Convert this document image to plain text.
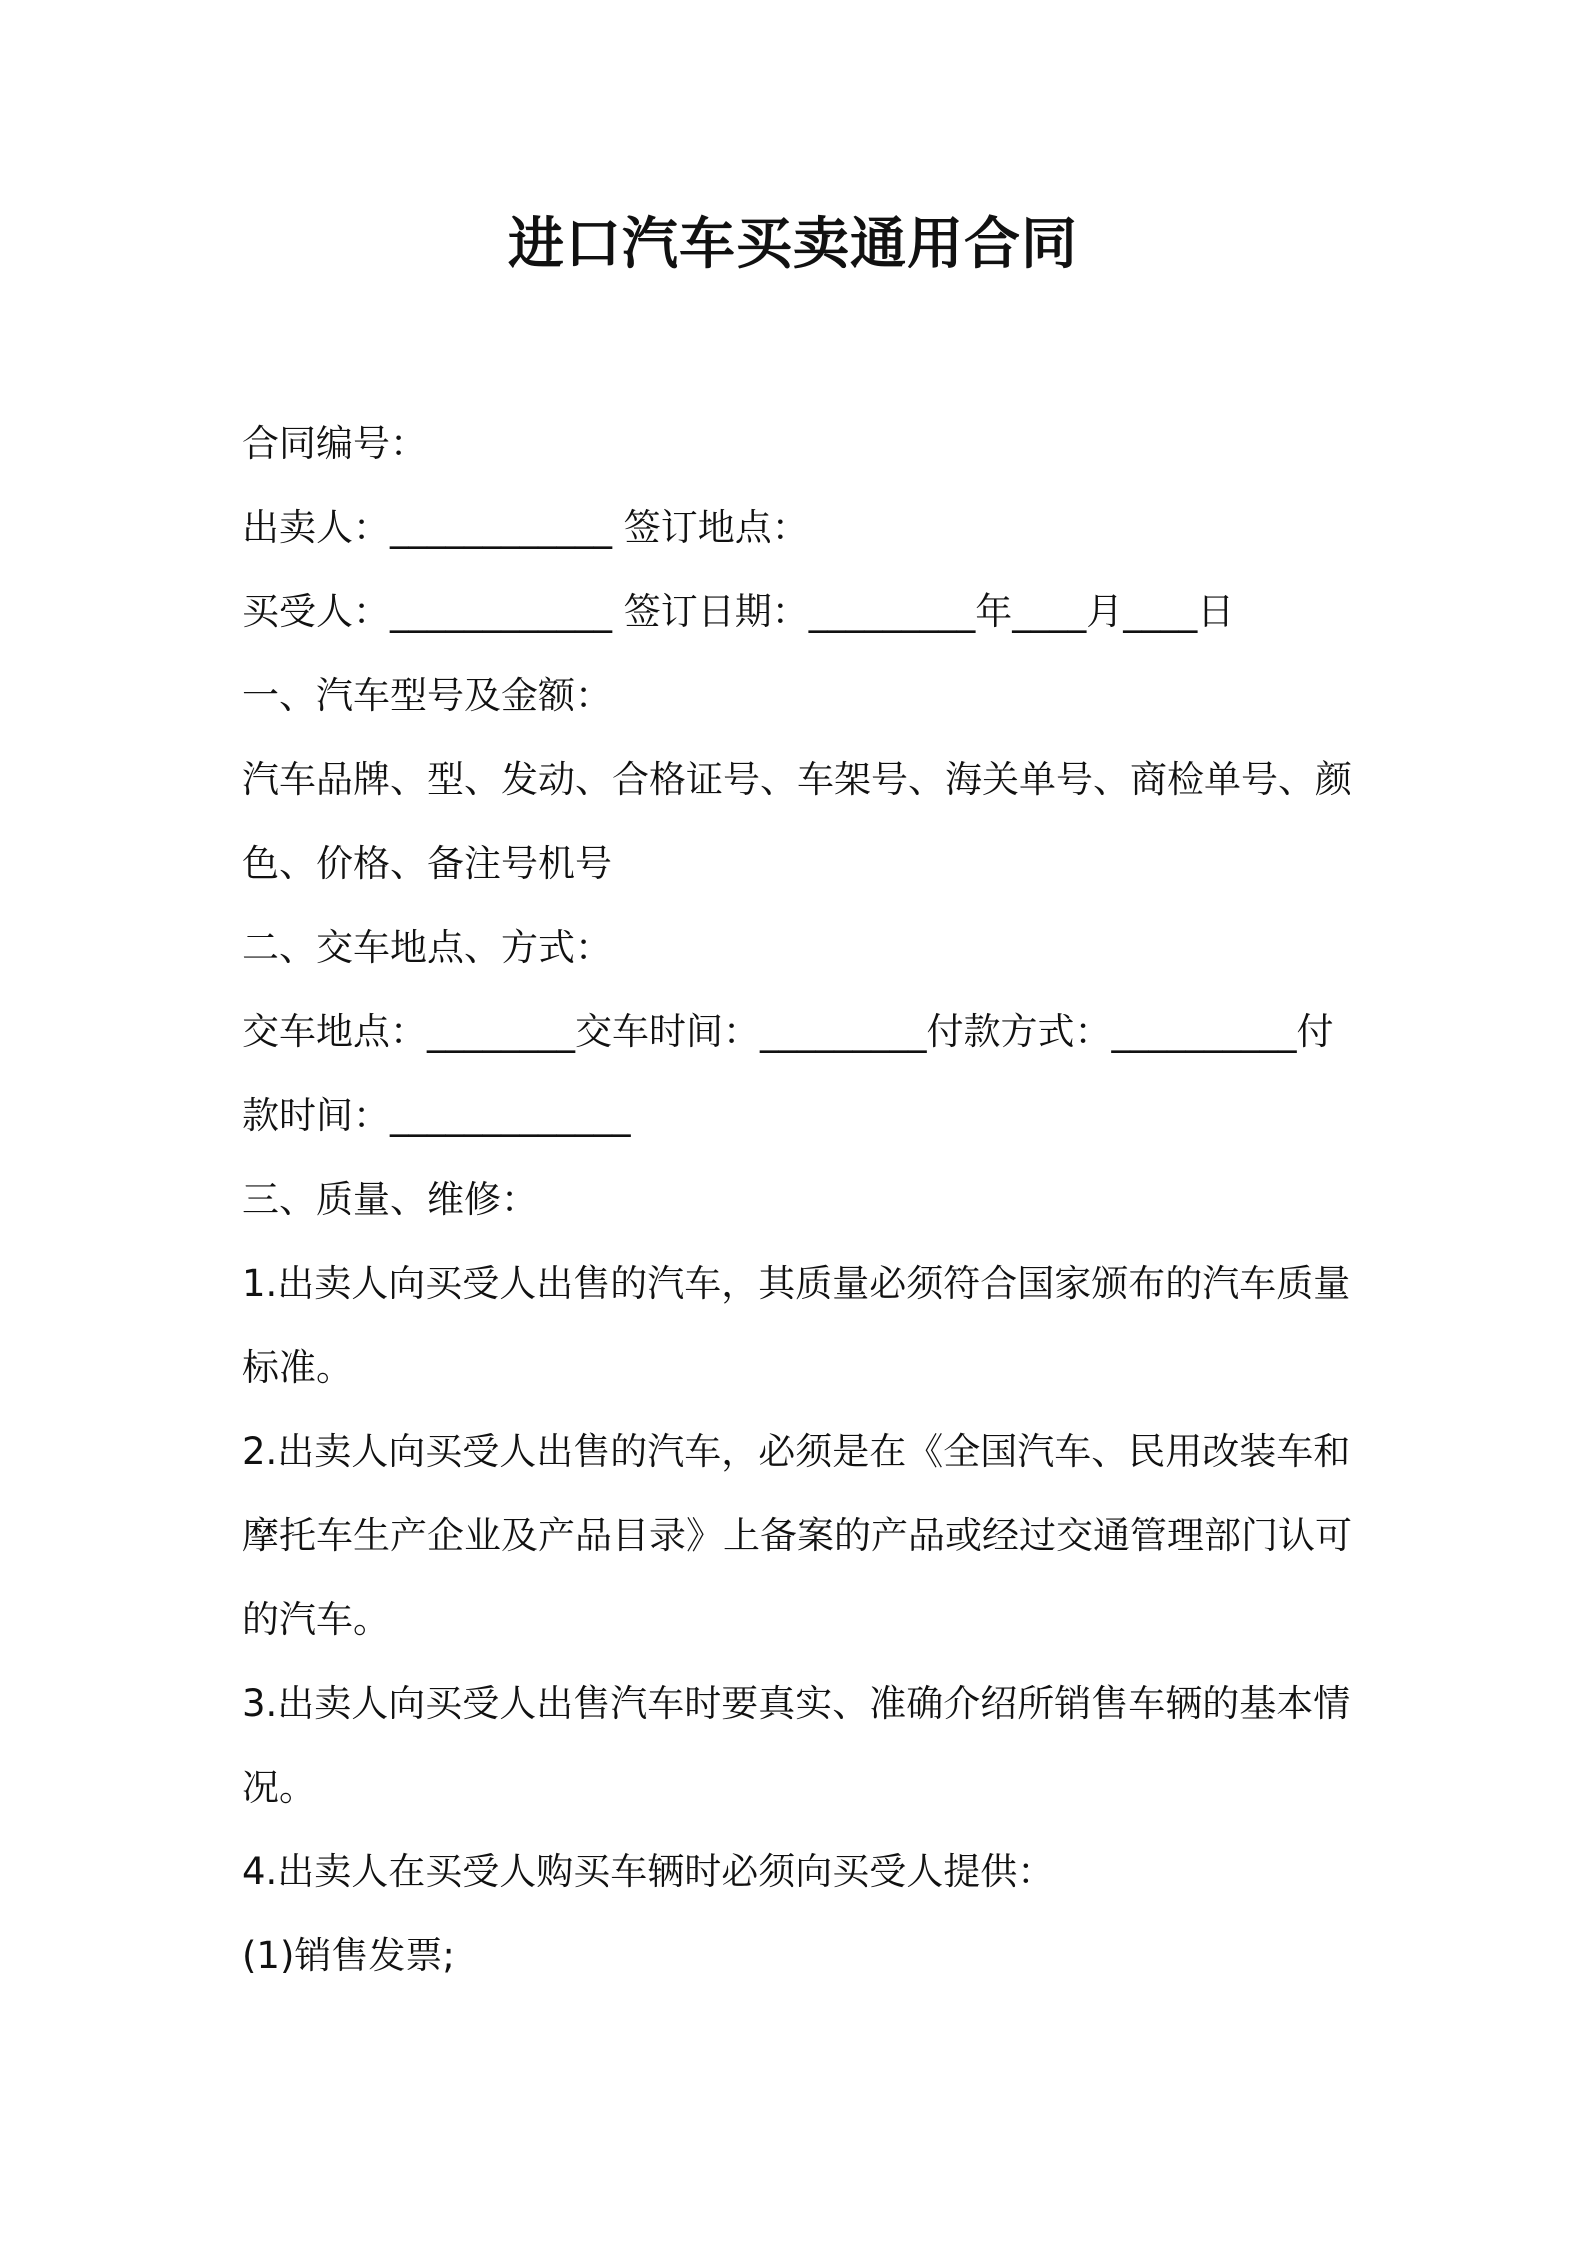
进口汽车买卖通用合同
合同编号：
出卖人：____________ 签订地点：
买受人：____________ 签订日期：_________年____月____日
一、汽车型号及金额：
汽车品牌、型、发动、合格证号、车架号、海关单号、商检单号、颜
色、价格、备注号机号
二、交车地点、方式：
交车地点：________交车时间：_________付款方式：__________付
款时间：_____________
三、质量、维修：
1.出卖人向买受人出售的汽车，其质量必须符合国家颁布的汽车质量
标准。
2.出卖人向买受人出售的汽车，必须是在《全国汽车、民用改装车和
摩托车生产企业及产品目录》上备案的产品或经过交通管理部门认可
的汽车。
3.出卖人向买受人出售汽车时要真实、准确介绍所销售车辆的基本情
况。
4.出卖人在买受人购买车辆时必须向买受人提供：
(1)销售发票;
